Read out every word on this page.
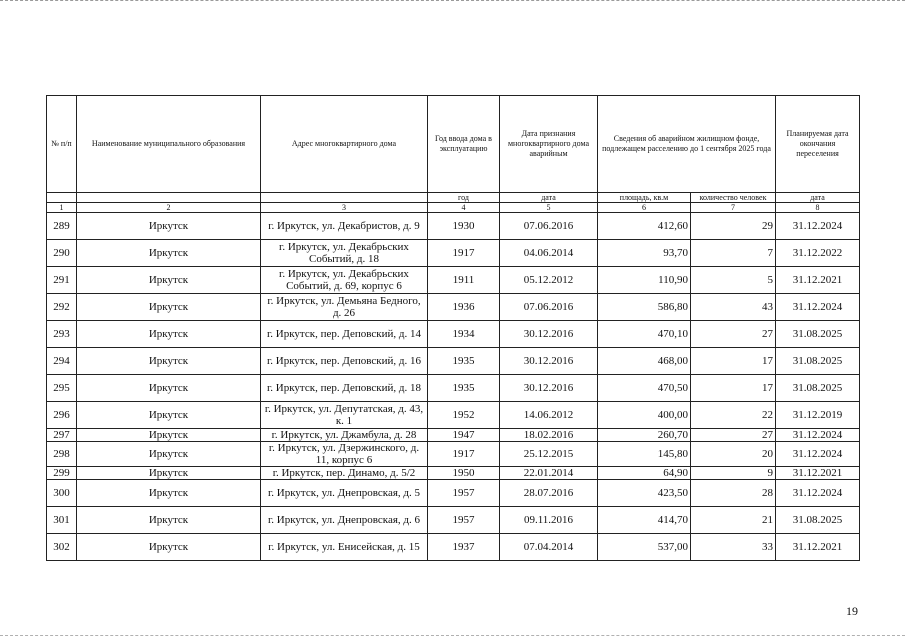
№ п/п	Наименование муниципального образования	Адрес многоквартирного дома	Год ввода дома в эксплуатацию	Дата признания многоквартирного дома аварийным	Сведения об аварийном жилищном фонде, подлежащем расселению до 1 сентября 2025 года		Планируемая дата окончания переселения
			год	дата	площадь, кв.м	количество человек	дата
1	2	3	4	5	6	7	8
289	Иркутск	г. Иркутск, ул. Декабристов, д. 9	1930	07.06.2016	412,60	29	31.12.2024
290	Иркутск	г. Иркутск, ул. Декабрьских Событий, д. 18	1917	04.06.2014	93,70	7	31.12.2022
291	Иркутск	г. Иркутск, ул. Декабрьских Событий, д. 69, корпус 6	1911	05.12.2012	110,90	5	31.12.2021
292	Иркутск	г. Иркутск, ул. Демьяна Бедного, д. 26	1936	07.06.2016	586,80	43	31.12.2024
293	Иркутск	г. Иркутск, пер. Деповский, д. 14	1934	30.12.2016	470,10	27	31.08.2025
294	Иркутск	г. Иркутск, пер. Деповский, д. 16	1935	30.12.2016	468,00	17	31.08.2025
295	Иркутск	г. Иркутск, пер. Деповский, д. 18	1935	30.12.2016	470,50	17	31.08.2025
296	Иркутск	г. Иркутск, ул. Депутатская, д. 43, к. 1	1952	14.06.2012	400,00	22	31.12.2019
297	Иркутск	г. Иркутск, ул. Джамбула, д. 28	1947	18.02.2016	260,70	27	31.12.2024
298	Иркутск	г. Иркутск, ул. Дзержинского, д. 11, корпус 6	1917	25.12.2015	145,80	20	31.12.2024
299	Иркутск	г. Иркутск, пер. Динамо, д. 5/2	1950	22.01.2014	64,90	9	31.12.2021
300	Иркутск	г. Иркутск, ул. Днепровская, д. 5	1957	28.07.2016	423,50	28	31.12.2024
301	Иркутск	г. Иркутск, ул. Днепровская, д. 6	1957	09.11.2016	414,70	21	31.08.2025
302	Иркутск	г. Иркутск, ул. Енисейская, д. 15	1937	07.04.2014	537,00	33	31.12.2021
19
